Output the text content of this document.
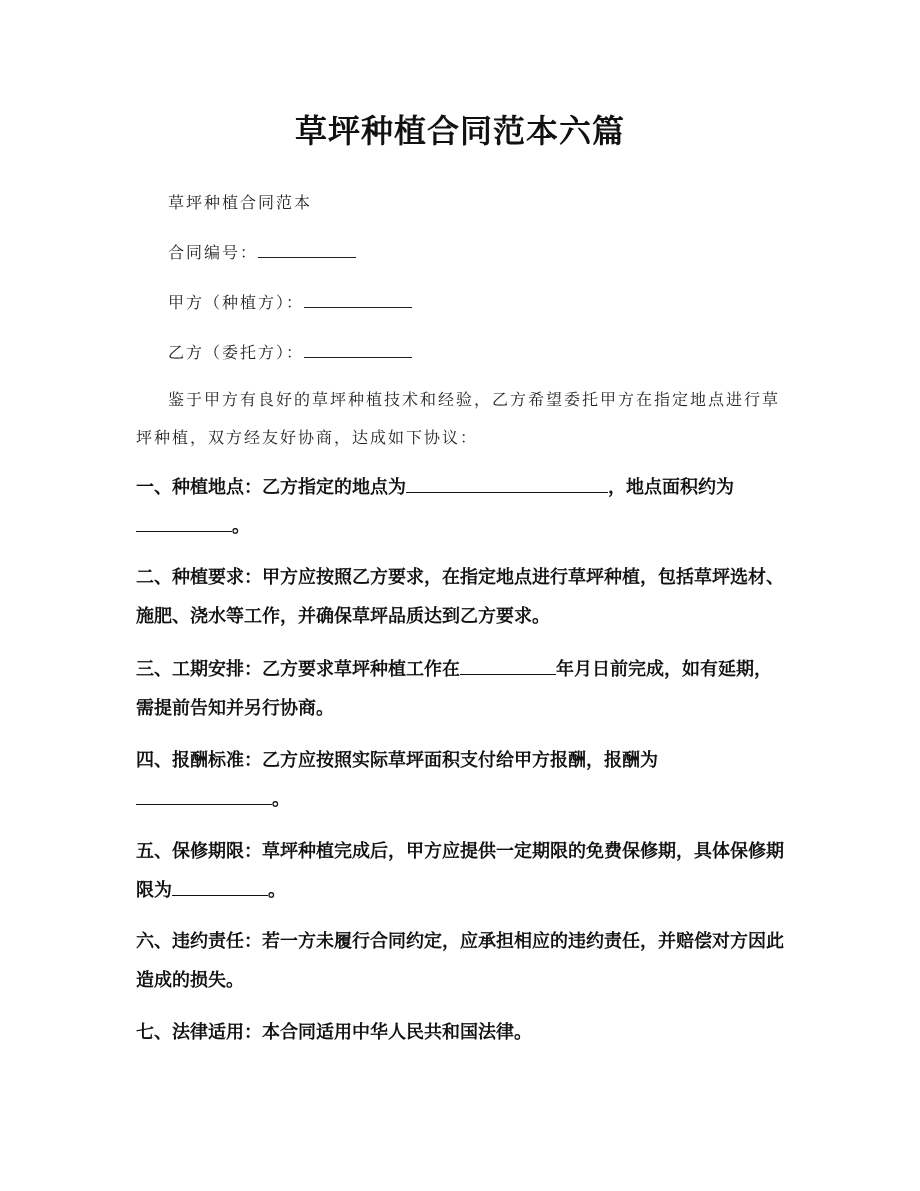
草坪种植合同范本六篇
草坪种植合同范本
合同编号：
甲方（种植方）：
乙方（委托方）：
鉴于甲方有良好的草坪种植技术和经验，乙方希望委托甲方在指定地点进行草坪种植，双方经友好协商，达成如下协议：
一、种植地点：乙方指定的地点为	，地点面积约为
。
二、种植要求：甲方应按照乙方要求，在指定地点进行草坪种植，包括草坪选材、施肥、浇水等工作，并确保草坪品质达到乙方要求。
三、工期安排：乙方要求草坪种植工作在	年月日前完成，如有延期，需提前告知并另行协商。
四、报酬标准：乙方应按照实际草坪面积支付给甲方报酬，报酬为
。
五、保修期限：草坪种植完成后，甲方应提供一定期限的免费保修期，具体保修期限为	。
六、违约责任：若一方未履行合同约定，应承担相应的违约责任，并赔偿对方因此造成的损失。
七、法律适用：本合同适用中华人民共和国法律。
